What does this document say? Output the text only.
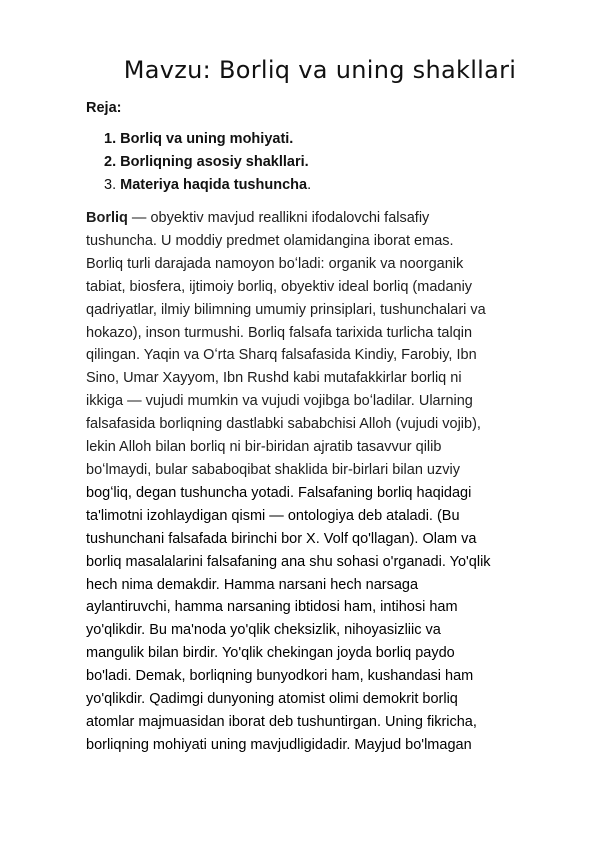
Mavzu: Borliq va uning shakllari
Reja:
1. Borliq va uning mohiyati.
2. Borliqning asosiy shakllari.
3. Materiya haqida tushuncha.
Borliq — obyektiv mavjud reallikni ifodalovchi falsafiy
tushuncha. U moddiy predmet olamidangina iborat emas.
Borliq turli darajada namoyon boʻladi: organik va noorganik
tabiat, biosfera, ijtimoiy borliq, obyektiv ideal borliq (madaniy
qadriyatlar, ilmiy bilimning umumiy prinsiplari, tushunchalari va
hokazo), inson turmushi. Borliq falsafa tarixida turlicha talqin
qilingan. Yaqin va Oʻrta Sharq falsafasida Kindiy, Farobiy, Ibn
Sino, Umar Xayyom, Ibn Rushd kabi mutafakkirlar borliq ni
ikkiga — vujudi mumkin va vujudi vojibga boʻladilar. Ularning
falsafasida borliqning dastlabki sababchisi Alloh (vujudi vojib),
lekin Alloh bilan borliq ni bir-biridan ajratib tasavvur qilib
boʻlmaydi, bular sababoqibat shaklida bir-birlari bilan uzviy
bogʻliq, degan tushuncha yotadi. Falsafaning borliq haqidagi
ta'limotni izohlaydigan qismi — ontologiya deb ataladi. (Bu
tushunchani falsafada birinchi bor X. Volf qo'llagan). Olam va
borliq masalalarini falsafaning ana shu sohasi o'rganadi. Yo'qlik
hech nima demakdir. Hamma narsani hech narsaga
aylantiruvchi, hamma narsaning ibtidosi ham, intihosi ham
yo'qlikdir. Bu ma'noda yo'qlik cheksizlik, nihoyasizliic va
mangulik bilan birdir. Yo'qlik chekingan joyda borliq paydo
bo'ladi. Demak, borliqning bunyodkori ham, kushandasi ham
yo'qlikdir. Qadimgi dunyoning atomist olimi demokrit borliq
atomlar majmuasidan iborat deb tushuntirgan. Uning fikricha,
borliqning mohiyati uning mavjudligidadir. Mayjud bo'lmagan
